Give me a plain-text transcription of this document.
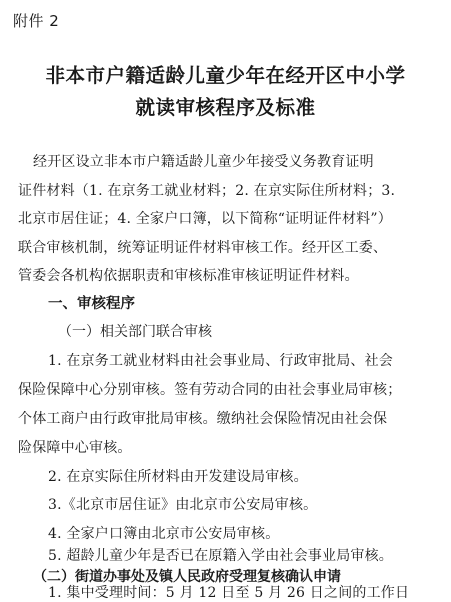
附件 2
非本市户籍适龄儿童少年在经开区中小学
就读审核程序及标准
经开区设立非本市户籍适龄儿童少年接受义务教育证明
证件材料（1. 在京务工就业材料；2. 在京实际住所材料；3.
北京市居住证；4. 全家户口簿，以下简称“证明证件材料”）
联合审核机制，统筹证明证件材料审核工作。经开区工委、
管委会各机构依据职责和审核标准审核证明证件材料。
一、审核程序
（一）相关部门联合审核
1. 在京务工就业材料由社会事业局、行政审批局、社会
保险保障中心分别审核。签有劳动合同的由社会事业局审核；
个体工商户由行政审批局审核。缴纳社会保险情况由社会保
险保障中心审核。
2. 在京实际住所材料由开发建设局审核。
3.《北京市居住证》由北京市公安局审核。
4. 全家户口簿由北京市公安局审核。
5. 超龄儿童少年是否已在原籍入学由社会事业局审核。
（二）街道办事处及镇人民政府受理复核确认申请
1. 集中受理时间：5 月 12 日至 5 月 26 日之间的工作日
